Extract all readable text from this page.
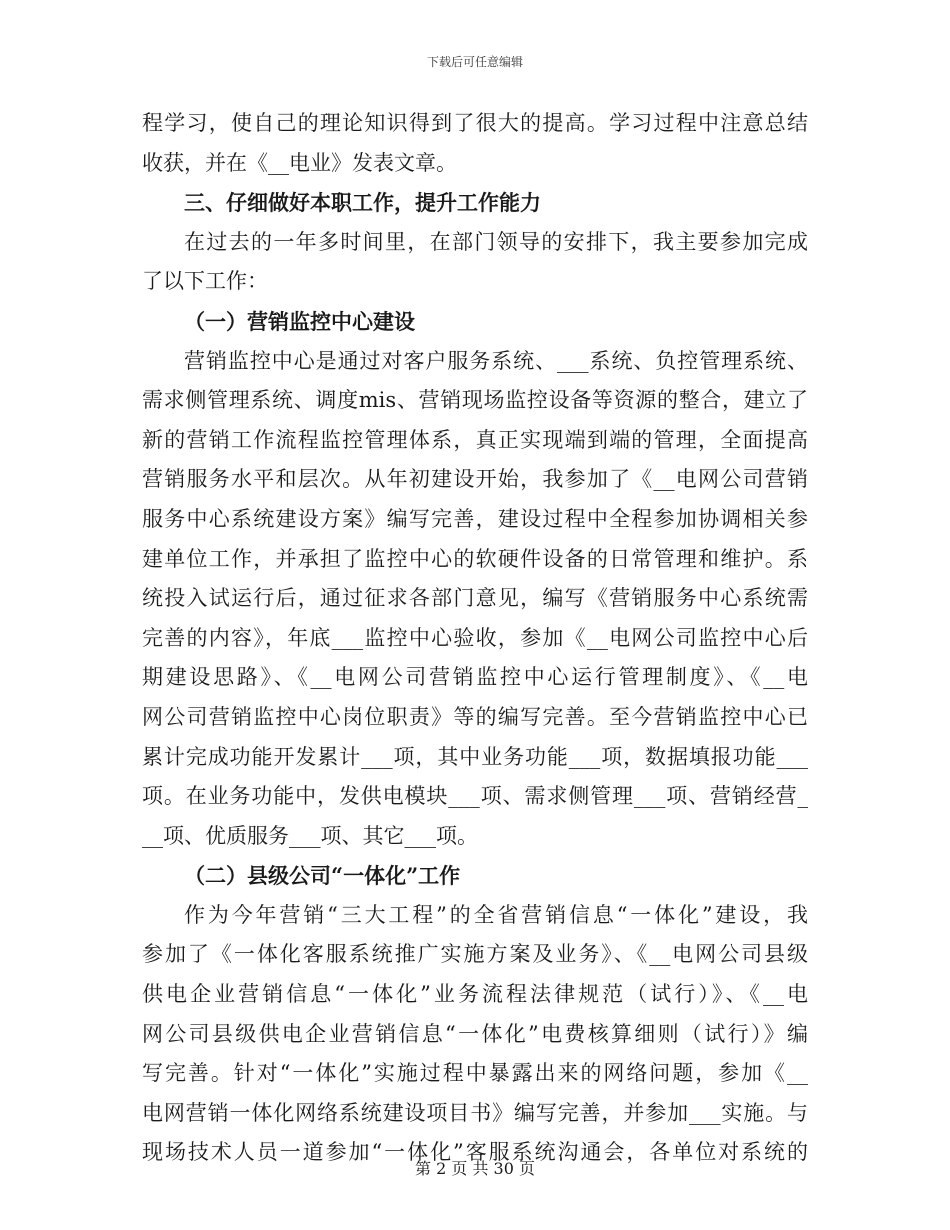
下载后可任意编辑
程学习，使自己的理论知识得到了很大的提高。学习过程中注意总结
收获，并在《__电业》发表文章。
三、仔细做好本职工作，提升工作能力
在过去的一年多时间里，在部门领导的安排下，我主要参加完成
了以下工作：
（一）营销监控中心建设
营销监控中心是通过对客户服务系统、___系统、负控管理系统、
需求侧管理系统、调度mis、营销现场监控设备等资源的整合，建立了
新的营销工作流程监控管理体系，真正实现端到端的管理，全面提高
营销服务水平和层次。从年初建设开始，我参加了《__电网公司营销
服务中心系统建设方案》编写完善，建设过程中全程参加协调相关参
建单位工作，并承担了监控中心的软硬件设备的日常管理和维护。系
统投入试运行后，通过征求各部门意见，编写《营销服务中心系统需
完善的内容》，年底___监控中心验收，参加《__电网公司监控中心后
期建设思路》、《__电网公司营销监控中心运行管理制度》、《__电
网公司营销监控中心岗位职责》等的编写完善。至今营销监控中心已
累计完成功能开发累计___项，其中业务功能___项，数据填报功能___
项。在业务功能中，发供电模块___项、需求侧管理___项、营销经营_
__项、优质服务___项、其它___项。
（二）县级公司“一体化”工作
作为今年营销“三大工程”的全省营销信息“一体化”建设，我
参加了《一体化客服系统推广实施方案及业务》、《__电网公司县级
供电企业营销信息“一体化”业务流程法律规范（试行）》、《__电
网公司县级供电企业营销信息“一体化”电费核算细则（试行）》编
写完善。针对“一体化”实施过程中暴露出来的网络问题，参加《__
电网营销一体化网络系统建设项目书》编写完善，并参加___实施。与
现场技术人员一道参加“一体化”客服系统沟通会，各单位对系统的
第 2 页 共 30 页
